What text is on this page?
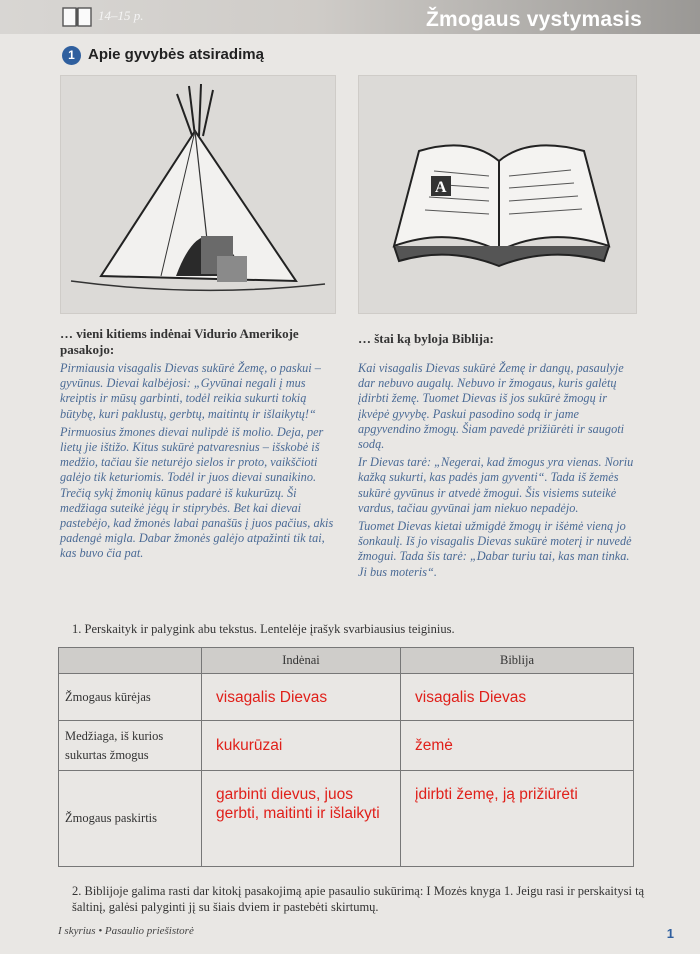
14–15 p.	Žmogaus vystymasis
1 Apie gyvybės atsiradimą
A
… vieni kitiems indėnai Vidurio Amerikoje pasakojo:

Pirmiausia visagalis Dievas sukūrė Žemę, o paskui – gyvūnus. Dievai kalbėjosi: „Gyvūnai negali į mus kreiptis ir mūsų garbinti, todėl reikia sukurti tokią būtybę, kuri paklustų, gerbtų, maitintų ir išlaikytų!“

Pirmuosius žmones dievai nulipdė iš molio. Deja, per lietų jie ištižo. Kitus sukūrė patvaresnius – išskobė iš medžio, tačiau šie neturėjo sielos ir proto, vaikščioti galėjo tik keturiomis. Todėl ir juos dievai sunaikino. Trečią sykį žmonių kūnus padarė iš kukurūzų. Ši medžiaga suteikė jėgų ir stiprybės. Bet kai dievai pastebėjo, kad žmonės labai panašūs į juos pačius, akis padengė migla. Dabar žmonės galėjo atpažinti tik tai, kas buvo čia pat.

… štai ką byloja Biblija:

Kai visagalis Dievas sukūrė Žemę ir dangų, pasaulyje dar nebuvo augalų. Nebuvo ir žmogaus, kuris galėtų įdirbti žemę. Tuomet Dievas iš jos sukūrė žmogų ir įkvėpė gyvybę. Paskui pasodino sodą ir jame apgyvendino žmogų. Šiam pavedė prižiūrėti ir saugoti sodą.

Ir Dievas tarė: „Negerai, kad žmogus yra vienas. Noriu kažką sukurti, kas padės jam gyventi“. Tada iš žemės sukūrė gyvūnus ir atvedė žmogui. Šis visiems suteikė vardus, tačiau gyvūnai jam niekuo nepadėjo.

Tuomet Dievas kietai užmigdė žmogų ir išėmė vieną jo šonkaulį. Iš jo visagalis Dievas sukūrė moterį ir nuvedė žmogui. Tada šis tarė: „Dabar turiu tai, kas man tinka. Ji bus moteris“.

1. Perskaityk ir palygink abu tekstus. Lentelėje įrašyk svarbiausius teiginius.
	Indėnai	Biblija
Žmogaus kūrėjas	visagalis Dievas	visagalis Dievas
Medžiaga, iš kurios sukurtas žmogus	kukurūzai	žemė
Žmogaus paskirtis	garbinti dievus, juos gerbti, maitinti ir išlaikyti	įdirbti žemę, ją prižiūrėti
2. Biblijoje galima rasti dar kitokį pasakojimą apie pasaulio sukūrimą: I Mozės knyga 1. Jeigu rasi ir perskaitysi tą šaltinį, galėsi palyginti jį su šiais dviem ir pastebėti skirtumų.
I skyrius • Pasaulio priešistorė	1
